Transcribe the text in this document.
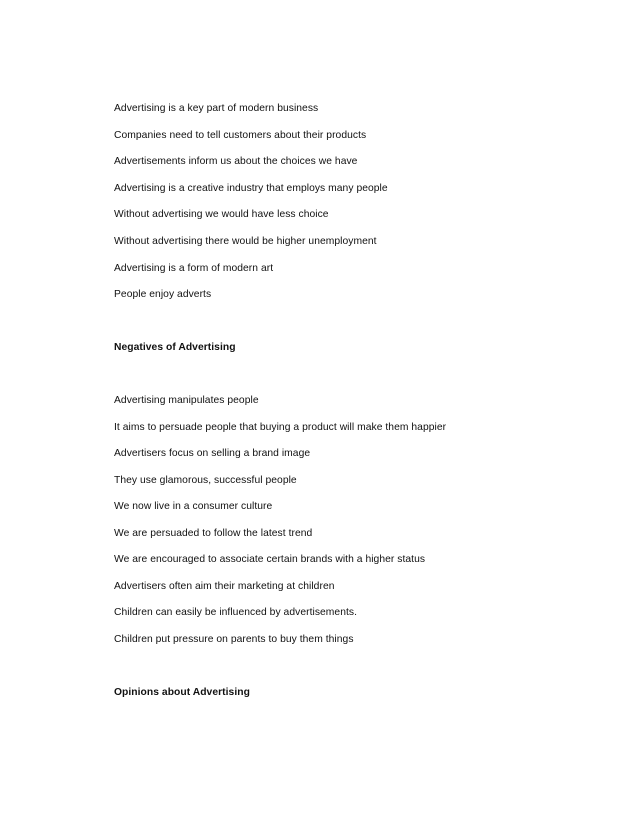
Advertising is a key part of modern business
Companies need to tell customers about their products
Advertisements inform us about the choices we have
Advertising is a creative industry that employs many people
Without advertising we would have less choice
Without advertising there would be higher unemployment
Advertising is a form of modern art
People enjoy adverts
Negatives of Advertising
Advertising manipulates people
It aims to persuade people that buying a product will make them happier
Advertisers focus on selling a brand image
They use glamorous, successful people
We now live in a consumer culture
We are persuaded to follow the latest trend
We are encouraged to associate certain brands with a higher status
Advertisers often aim their marketing at children
Children can easily be influenced by advertisements.
Children put pressure on parents to buy them things
Opinions about Advertising
